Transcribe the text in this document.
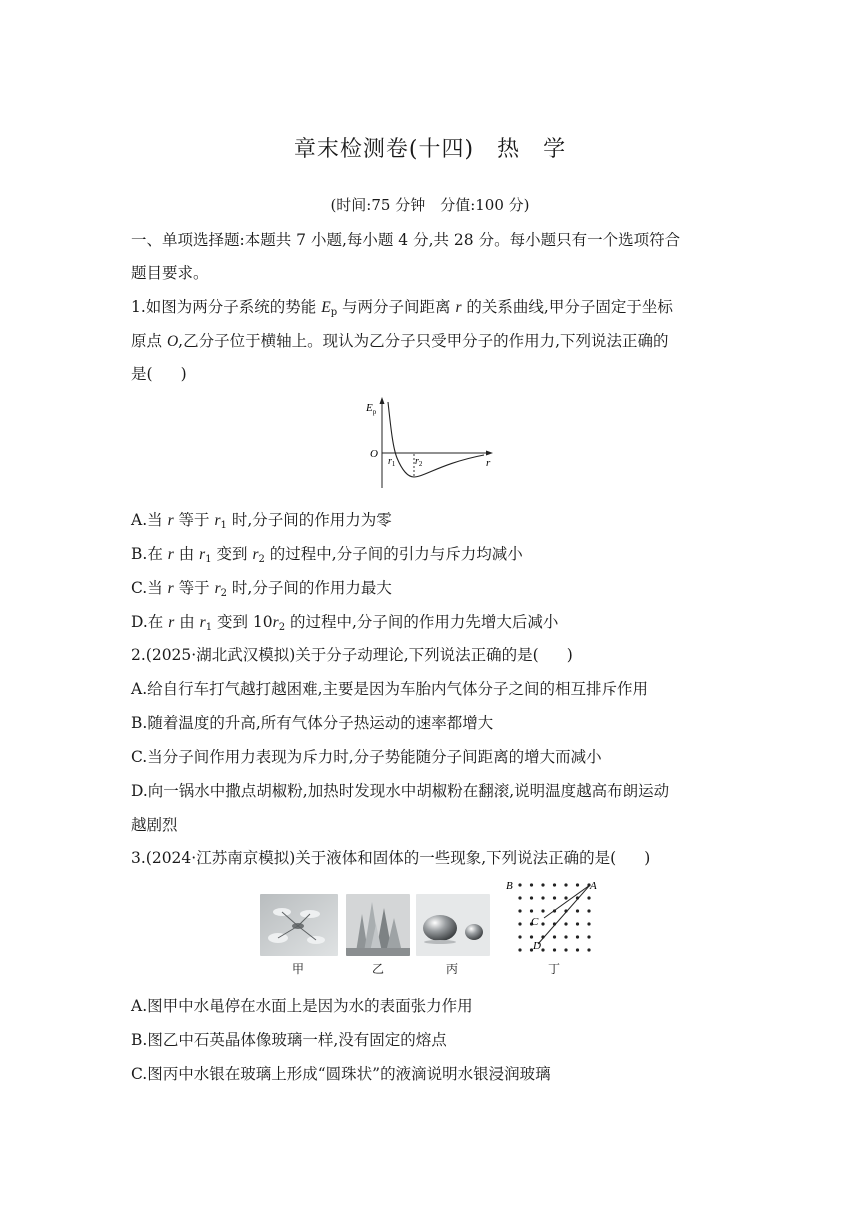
章末检测卷(十四)　热　学
(时间:75 分钟　分值:100 分)
一、单项选择题:本题共 7 小题,每小题 4 分,共 28 分。每小题只有一个选项符合
题目要求。
1.如图为两分子系统的势能 $E_p$ 与两分子间距离 r 的关系曲线,甲分子固定于坐标
原点 O,乙分子位于横轴上。现认为乙分子只受甲分子的作用力,下列说法正确的
是( )
$E_p$
O
r
$r_1$ $r_2$
A.当 r 等于 $r_1$ 时,分子间的作用力为零
B.在 r 由 $r_1$ 变到 $r_2$ 的过程中,分子间的引力与斥力均减小
C.当 r 等于 $r_2$ 时,分子间的作用力最大
D.在 r 由 $r_1$ 变到 $10r_2$ 的过程中,分子间的作用力先增大后减小
2.(2025·湖北武汉模拟)关于分子动理论,下列说法正确的是( )
A.给自行车打气越打越困难,主要是因为车胎内气体分子之间的相互排斥作用
B.随着温度的升高,所有气体分子热运动的速率都增大
C.当分子间作用力表现为斥力时,分子势能随分子间距离的增大而减小
D.向一锅水中撒点胡椒粉,加热时发现水中胡椒粉在翻滚,说明温度越高布朗运动
越剧烈
3.(2024·江苏南京模拟)关于液体和固体的一些现象,下列说法正确的是( )
B	A
C
D
甲	乙	丙	丁
A.图甲中水黾停在水面上是因为水的表面张力作用
B.图乙中石英晶体像玻璃一样,没有固定的熔点
C.图丙中水银在玻璃上形成“圆珠状”的液滴说明水银浸润玻璃
